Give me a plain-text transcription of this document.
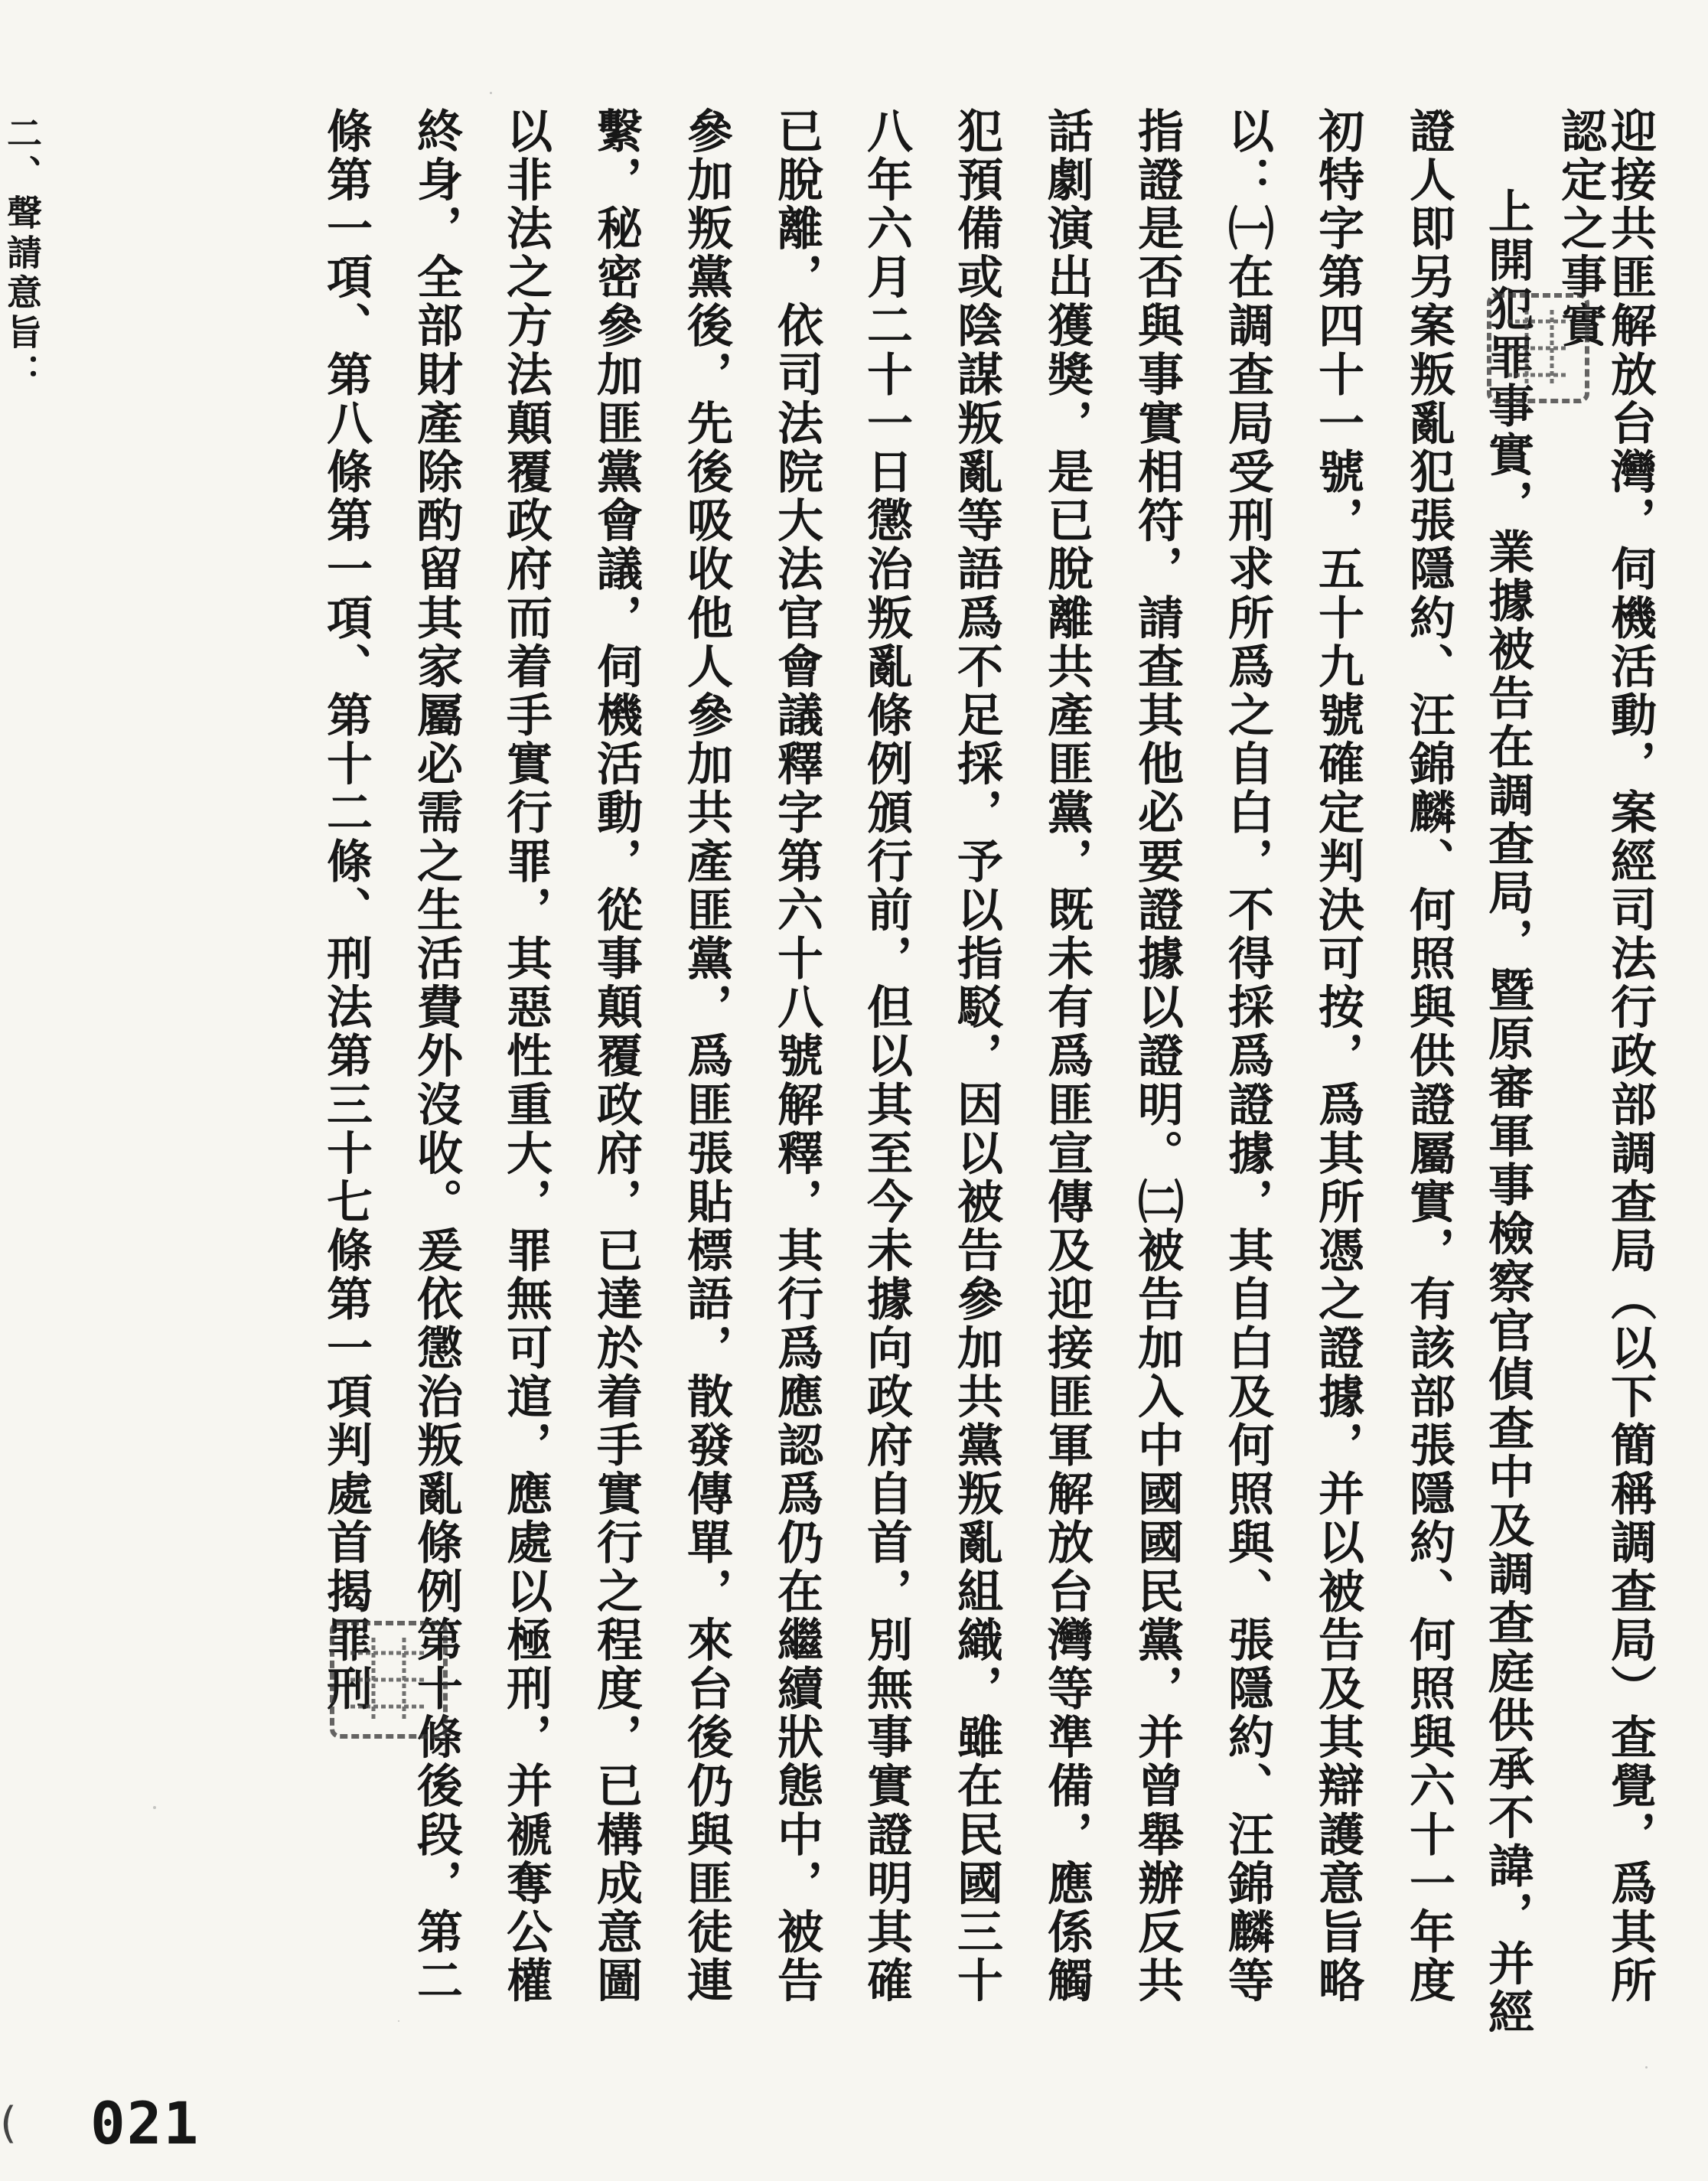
迎接共匪解放台灣，伺機活動，案經司法行政部調查局（以下簡稱調查局）查覺，爲其所
認定之事實
上開犯罪事實，業據被告在調查局，暨原審軍事檢察官偵查中及調查庭供承不諱，并經
證人即另案叛亂犯張隱約、汪錦麟、何照與供證屬實，有該部張隱約、何照與六十一年度
初特字第四十一號，五十九號確定判決可按，爲其所憑之證據，并以被告及其辯護意旨略
以：㈠在調查局受刑求所爲之自白，不得採爲證據，其自白及何照與、張隱約、汪錦麟等
指證是否與事實相符，請查其他必要證據以證明。㈡被告加入中國國民黨，并曾舉辦反共
話劇演出獲獎，是已脫離共產匪黨，既未有爲匪宣傳及迎接匪軍解放台灣等準備，應係觸
犯預備或陰謀叛亂等語爲不足採，予以指駁，因以被告參加共黨叛亂組織，雖在民國三十
八年六月二十一日懲治叛亂條例頒行前，但以其至今未據向政府自首，別無事實證明其確
已脫離，依司法院大法官會議釋字第六十八號解釋，其行爲應認爲仍在繼續狀態中，被告
參加叛黨後，先後吸收他人參加共產匪黨，爲匪張貼標語，散發傳單，來台後仍與匪徒連
繫，秘密參加匪黨會議，伺機活動，從事顛覆政府，已達於着手實行之程度，已構成意圖
以非法之方法顛覆政府而着手實行罪，其惡性重大，罪無可逭，應處以極刑，并褫奪公權
終身，全部財產除酌留其家屬必需之生活費外沒收。爰依懲治叛亂條例第十條後段，第二
條第一項、第八條第一項、第十二條、刑法第三十七條第一項判處首揭罪刑
二、聲請意旨：
( 021
